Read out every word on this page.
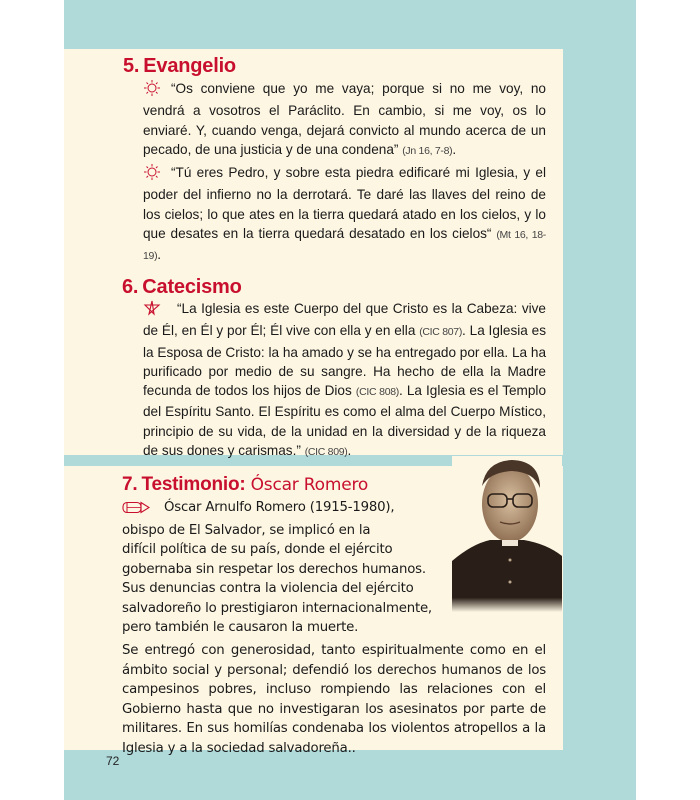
5. Evangelio
“Os conviene que yo me vaya; porque si no me voy, no vendrá a vosotros el Paráclito. En cambio, si me voy, os lo enviaré. Y, cuando venga, dejará convicto al mundo acerca de un pecado, de una justicia y de una condena” (Jn 16, 7-8).
“Tú eres Pedro, y sobre esta piedra edificaré mi Iglesia, y el poder del infierno no la derrotará. Te daré las llaves del reino de los cielos; lo que ates en la tierra quedará atado en los cielos, y lo que desates en la tierra quedará desatado en los cielos“ (Mt 16, 18-19).
6. Catecismo
“La Iglesia es este Cuerpo del que Cristo es la Cabeza: vive de Él, en Él y por Él; Él vive con ella y en ella (CIC 807). La Iglesia es la Esposa de Cristo: la ha amado y se ha entregado por ella. La ha purificado por medio de su sangre. Ha hecho de ella la Madre fecunda de todos los hijos de Dios (CIC 808). La Iglesia es el Templo del Espíritu Santo. El Espíritu es como el alma del Cuerpo Místico, principio de su vida, de la unidad en la diversidad y de la riqueza de sus dones y carismas.” (CIC 809).
7. Testimonio: Óscar Romero
Óscar Arnulfo Romero (1915-1980),
obispo de El Salvador, se implicó en la
difícil política de su país, donde el ejército
gobernaba sin respetar los derechos humanos.
Sus denuncias contra la violencia del ejército
salvadoreño lo prestigiaron internacionalmente,
pero también le causaron la muerte.
Se entregó con generosidad, tanto espiritualmente como en el ámbito social y personal; defendió los derechos humanos de los campesinos pobres, incluso rompiendo las relaciones con el Gobierno hasta que no investigaran los asesinatos por parte de militares. En sus homilías condenaba los violentos atropellos a la Iglesia y a la sociedad salvadoreña..
72
